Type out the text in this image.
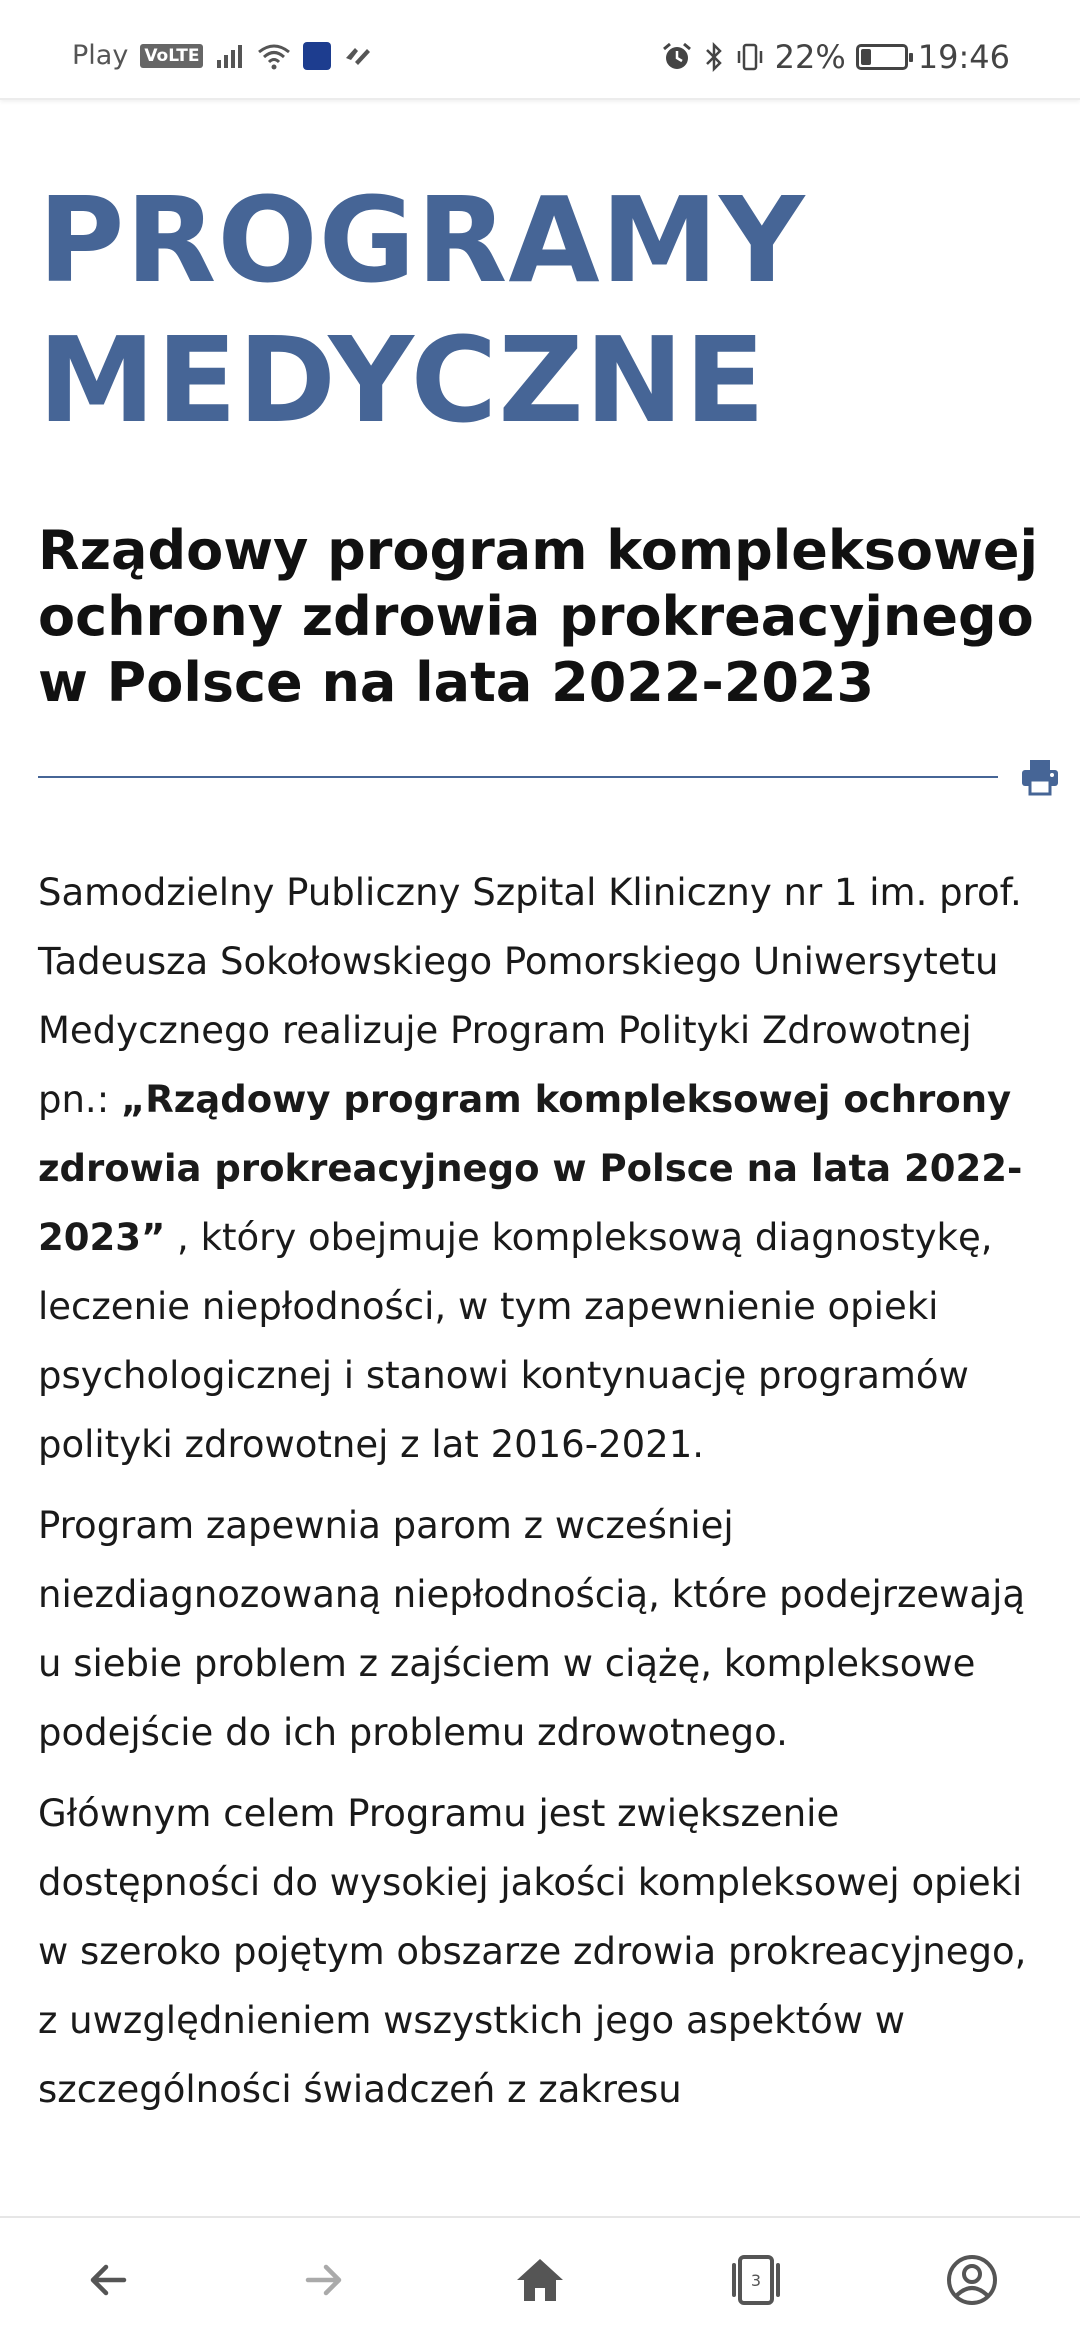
Play VoLTE	22% 19:46
PROGRAMY
MEDYCZNE
Rządowy program kompleksowej ochrony zdrowia prokreacyjnego w Polsce na lata 2022-2023

Samodzielny Publiczny Szpital Kliniczny nr 1 im. prof. Tadeusza Sokołowskiego Pomorskiego Uniwersytetu Medycznego realizuje Program Polityki Zdrowotnej pn.: „Rządowy program kompleksowej ochrony zdrowia prokreacyjnego w Polsce na lata 2022-2023” , który obejmuje kompleksową diagnostykę, leczenie niepłodności, w tym zapewnienie opieki psychologicznej i stanowi kontynuację programów polityki zdrowotnej z lat 2016-2021.

Program zapewnia parom z wcześniej niezdiagnozowaną niepłodnością, które podejrzewają u siebie problem z zajściem w ciążę, kompleksowe podejście do ich problemu zdrowotnego.

Głównym celem Programu jest zwiększenie dostępności do wysokiej jakości kompleksowej opieki w szeroko pojętym obszarze zdrowia prokreacyjnego, z uwzględnieniem wszystkich jego aspektów w szczególności świadczeń z zakresu

3
